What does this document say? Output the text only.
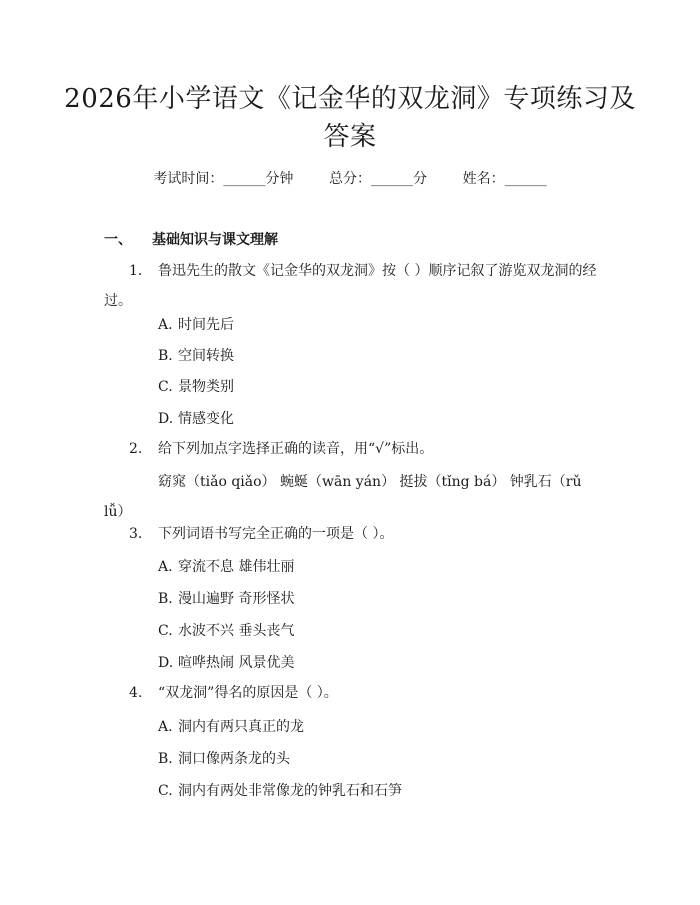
2026年小学语文《记金华的双龙洞》专项练习及答案
考试时间：______分钟	总分：______分	姓名：______
一、 基础知识与课文理解
1.	鲁迅先生的散文《记金华的双龙洞》按（ ）顺序记叙了游览双龙洞的经过。
A. 时间先后
B. 空间转换
C. 景物类别
D. 情感变化
2.	给下列加点字选择正确的读音，用“√”标出。
窈窕（tiǎo qiǎo） 蜿蜒（wān yán） 挺拔（tǐng bá） 钟乳石（rǔ lǚ）
3.	下列词语书写完全正确的一项是（ ）。
A. 穿流不息 雄伟壮丽
B. 漫山遍野 奇形怪状
C. 水波不兴 垂头丧气
D. 喧哗热闹 风景优美
4.	“双龙洞”得名的原因是（ ）。
A. 洞内有两只真正的龙
B. 洞口像两条龙的头
C. 洞内有两处非常像龙的钟乳石和石笋
